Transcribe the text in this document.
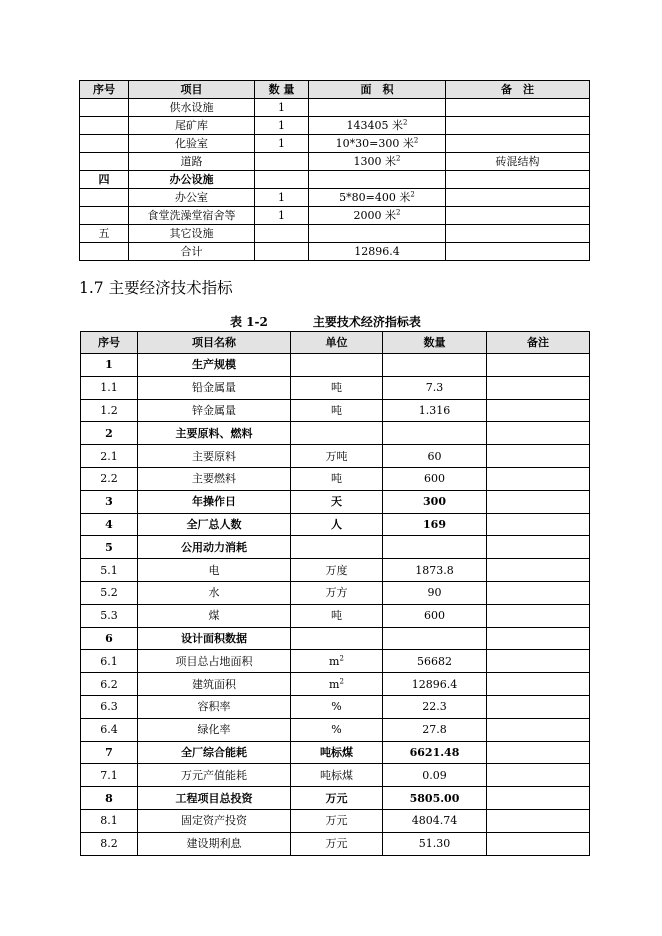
序号	项目	数 量	面　积	备　注
	供水设施	1		
	尾矿库	1	143405 米$^2$	
	化验室	1	10*30=300 米$^2$	
	道路		1300 米$^2$	砖混结构
四	办公设施			
	办公室	1	5*80=400 米$^2$	
	食堂洗澡堂宿舍等	1	2000 米$^2$	
五	其它设施			
	合计		12896.4	
1.7 主要经济技术指标
表 1-2	主要技术经济指标表
序号	项目名称	单位	数量	备注
1	生产规模			
1.1	铅金属量	吨	7.3	
1.2	锌金属量	吨	1.316	
2	主要原料、燃料			
2.1	主要原料	万吨	60	
2.2	主要燃料	吨	600	
3	年操作日	天	300	
4	全厂总人数	人	169	
5	公用动力消耗			
5.1	电	万度	1873.8	
5.2	水	万方	90	
5.3	煤	吨	600	
6	设计面积数据			
6.1	项目总占地面积	$m^2$	56682	
6.2	建筑面积	$m^2$	12896.4	
6.3	容积率	%	22.3	
6.4	绿化率	%	27.8	
7	全厂综合能耗	吨标煤	6621.48	
7.1	万元产值能耗	吨标煤	0.09	
8	工程项目总投资	万元	5805.00	
8.1	固定资产投资	万元	4804.74	
8.2	建设期利息	万元	51.30	
